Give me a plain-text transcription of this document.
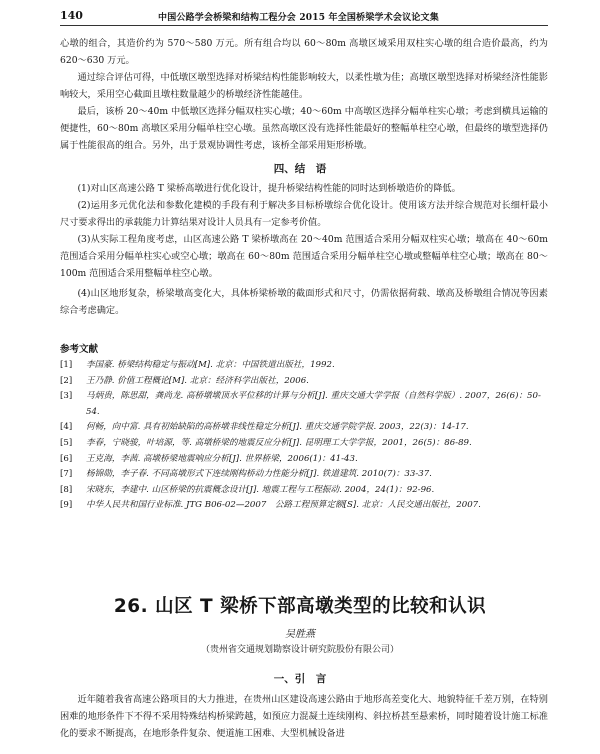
140	中国公路学会桥梁和结构工程分会 2015 年全国桥梁学术会议论文集

心墩的组合，其造价约为 570～580 万元。所有组合均以 60～80m 高墩区域采用双柱实心墩的组合造价最高，约为 620～630 万元。

通过综合评估可得，中低墩区墩型选择对桥梁结构性能影响较大，以柔性墩为佳；高墩区墩型选择对桥梁经济性能影响较大，采用空心截面且墩柱数量越少的桥墩经济性能越佳。

最后，该桥 20～40m 中低墩区选择分幅双柱实心墩；40～60m 中高墩区选择分幅单柱实心墩；考虑到横具运输的便捷性，60～80m 高墩区采用分幅单柱空心墩。虽然高墩区没有选择性能最好的整幅单柱空心墩，但最终的墩型选择仍属于性能很高的组合。另外，出于景观协调性考虑，该桥全部采用矩形桥墩。

四、结　语

(1)对山区高速公路 T 梁桥高墩进行优化设计，提升桥梁结构性能的同时达到桥墩造价的降低。

(2)运用多元优化法和参数化建模的手段有利于解决多目标桥墩综合优化设计。使用该方法并综合规范对长细杆最小尺寸要求得出的承载能力计算结果对设计人员具有一定参考价值。

(3)从实际工程角度考虑，山区高速公路 T 梁桥墩高在 20～40m 范围适合采用分幅双柱实心墩；墩高在 40～60m 范围适合采用分幅单柱实心或空心墩；墩高在 60～80m 范围适合采用分幅单柱空心墩或整幅单柱空心墩；墩高在 80～100m 范围适合采用整幅单柱空心墩。

(4)山区地形复杂，桥梁墩高变化大，具体桥梁桥墩的截面形式和尺寸，仍需依据荷载、墩高及桥墩组合情况等因素综合考虑确定。

参考文献
[1]	李国豪. 桥梁结构稳定与振动[M]. 北京：中国铁道出版社，1992.
[2]	王乃静. 价值工程概论[M]. 北京：经济科学出版社，2006.
[3]	马炳贵，陈思甜，龚尚龙. 高桥墩墩顶水平位移的计算与分析[J]. 重庆交通大学学报（自然科学版）. 2007，26(6)：50-54.
[4]	何畅，向中富. 具有初始缺陷的高桥墩非线性稳定分析[J]. 重庆交通学院学报. 2003，22(3)：14-17.
[5]	李春，宁晓骏，叶培源，等. 高墩桥梁的地震反应分析[J]. 昆明理工大学学报，2001，26(5)：86-89.
[6]	王克海，李茜. 高墩桥梁地震响应分析[J]. 世界桥梁，2006(1)：41-43.
[7]	杨锦勋，李子春. 不同高墩形式下连续刚构桥动力性能分析[J]. 铁道建筑. 2010(7)：33-37.
[8]	宋晓东，李建中. 山区桥梁的抗震概念设计[J]. 地震工程与工程振动. 2004，24(1)：92-96.
[9]	中华人民共和国行业标准. JTG B06-02—2007　公路工程预算定额[S]. 北京：人民交通出版社，2007.
26. 山区 T 梁桥下部高墩类型的比较和认识
吴胜燕
（贵州省交通规划勘察设计研究院股份有限公司）
一、引　言

近年随着我省高速公路项目的大力推进，在贵州山区建设高速公路由于地形高差变化大、地貌特征千差万别，在特别困难的地形条件下不得不采用特殊结构桥梁跨越，如预应力混凝土连续刚构、斜拉桥甚至悬索桥，同时随着设计施工标准化的要求不断提高，在地形条件复杂、便道施工困难、大型机械设备进
